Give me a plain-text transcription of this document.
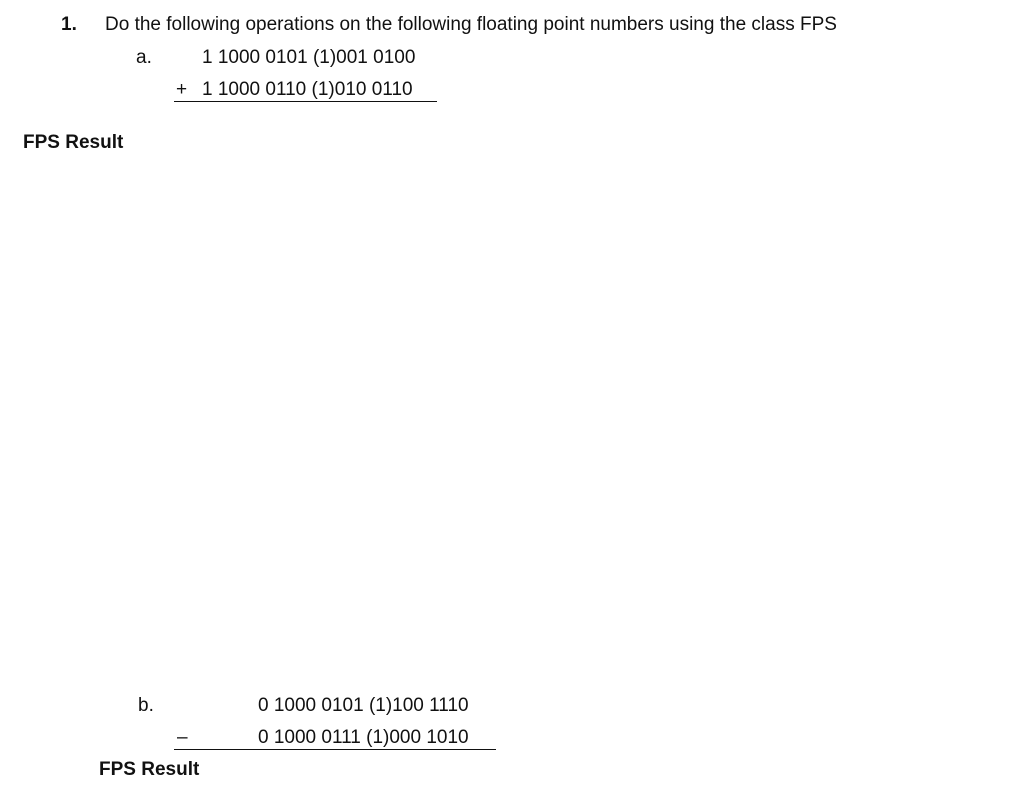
1. Do the following operations on the following floating point numbers using the class FPS
a.	1 1000 0101 (1)001 0100
+ 1 1000 0110 (1)010 0110
FPS Result
b.	0 1000 0101 (1)100 1110
–	0 1000 0111 (1)000 1010
FPS Result
